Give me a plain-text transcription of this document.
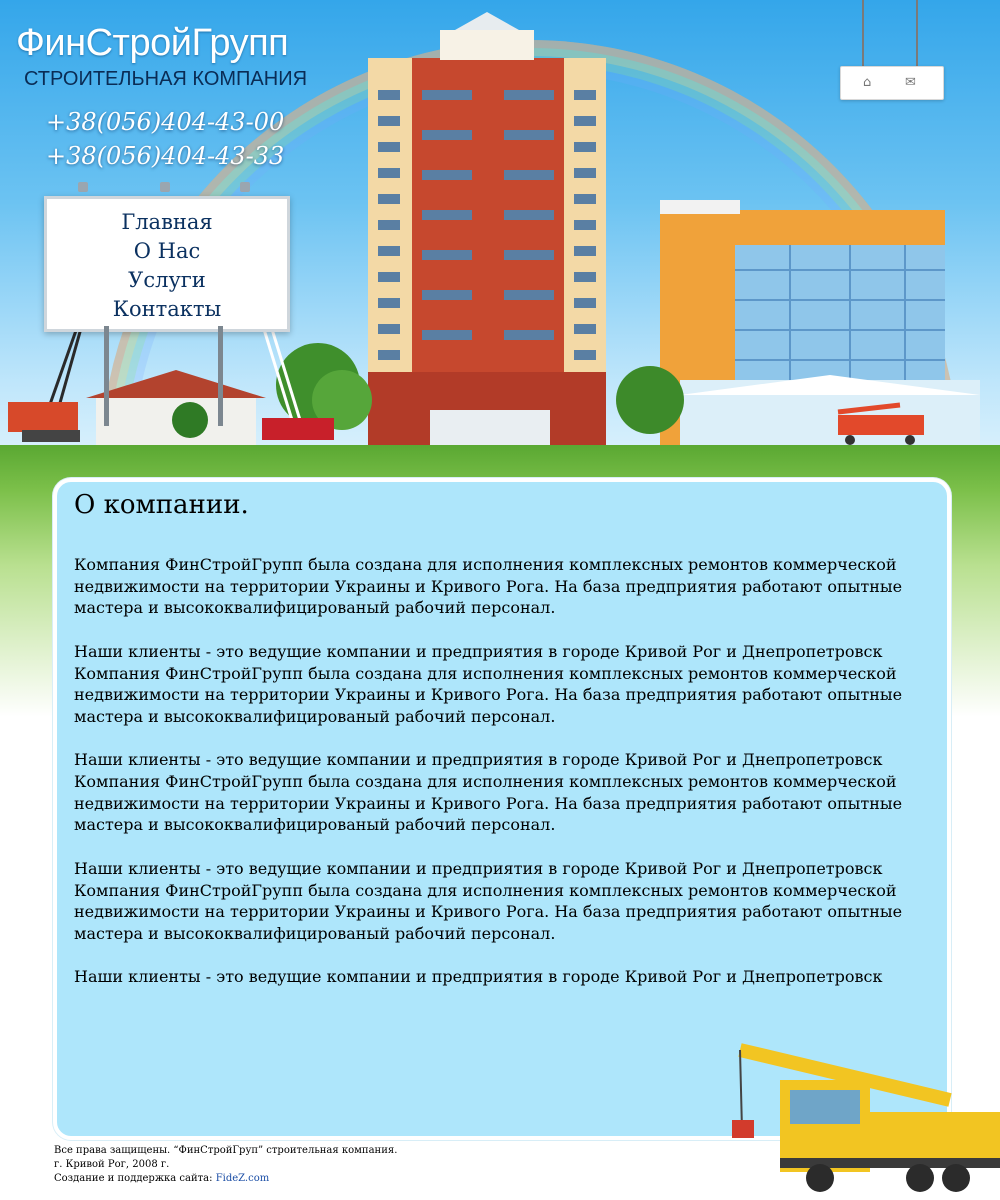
ФинСтройГрупп
СТРОИТЕЛЬНАЯ КОМПАНИЯ
+38(056)404-43-00
+38(056)404-43-33
Главная
О Нас
Услуги
Контакты
⌂	✉
О компании.

Компания ФинСтройГрупп была создана для исполнения комплексных ремонтов коммерческой недвижимости на территории Украины и Кривого Рога. На база предприятия работают опытные мастера и высококвалифицированый рабочий персонал.

Наши клиенты - это ведущие компании и предприятия в городе Кривой Рог и Днепропетровск Компания ФинСтройГрупп была создана для исполнения комплексных ремонтов коммерческой недвижимости на территории Украины и Кривого Рога. На база предприятия работают опытные мастера и высококвалифицированый рабочий персонал.

Наши клиенты - это ведущие компании и предприятия в городе Кривой Рог и Днепропетровск Компания ФинСтройГрупп была создана для исполнения комплексных ремонтов коммерческой недвижимости на территории Украины и Кривого Рога. На база предприятия работают опытные мастера и высококвалифицированый рабочий персонал.

Наши клиенты - это ведущие компании и предприятия в городе Кривой Рог и Днепропетровск Компания ФинСтройГрупп была создана для исполнения комплексных ремонтов коммерческой недвижимости на территории Украины и Кривого Рога. На база предприятия работают опытные мастера и высококвалифицированый рабочий персонал.

Наши клиенты - это ведущие компании и предприятия в городе Кривой Рог и Днепропетровск

Все права защищены. “ФинСтройГруп” строительная компания.
г. Кривой Рог, 2008 г.
Создание и поддержка сайта: FideZ.com
